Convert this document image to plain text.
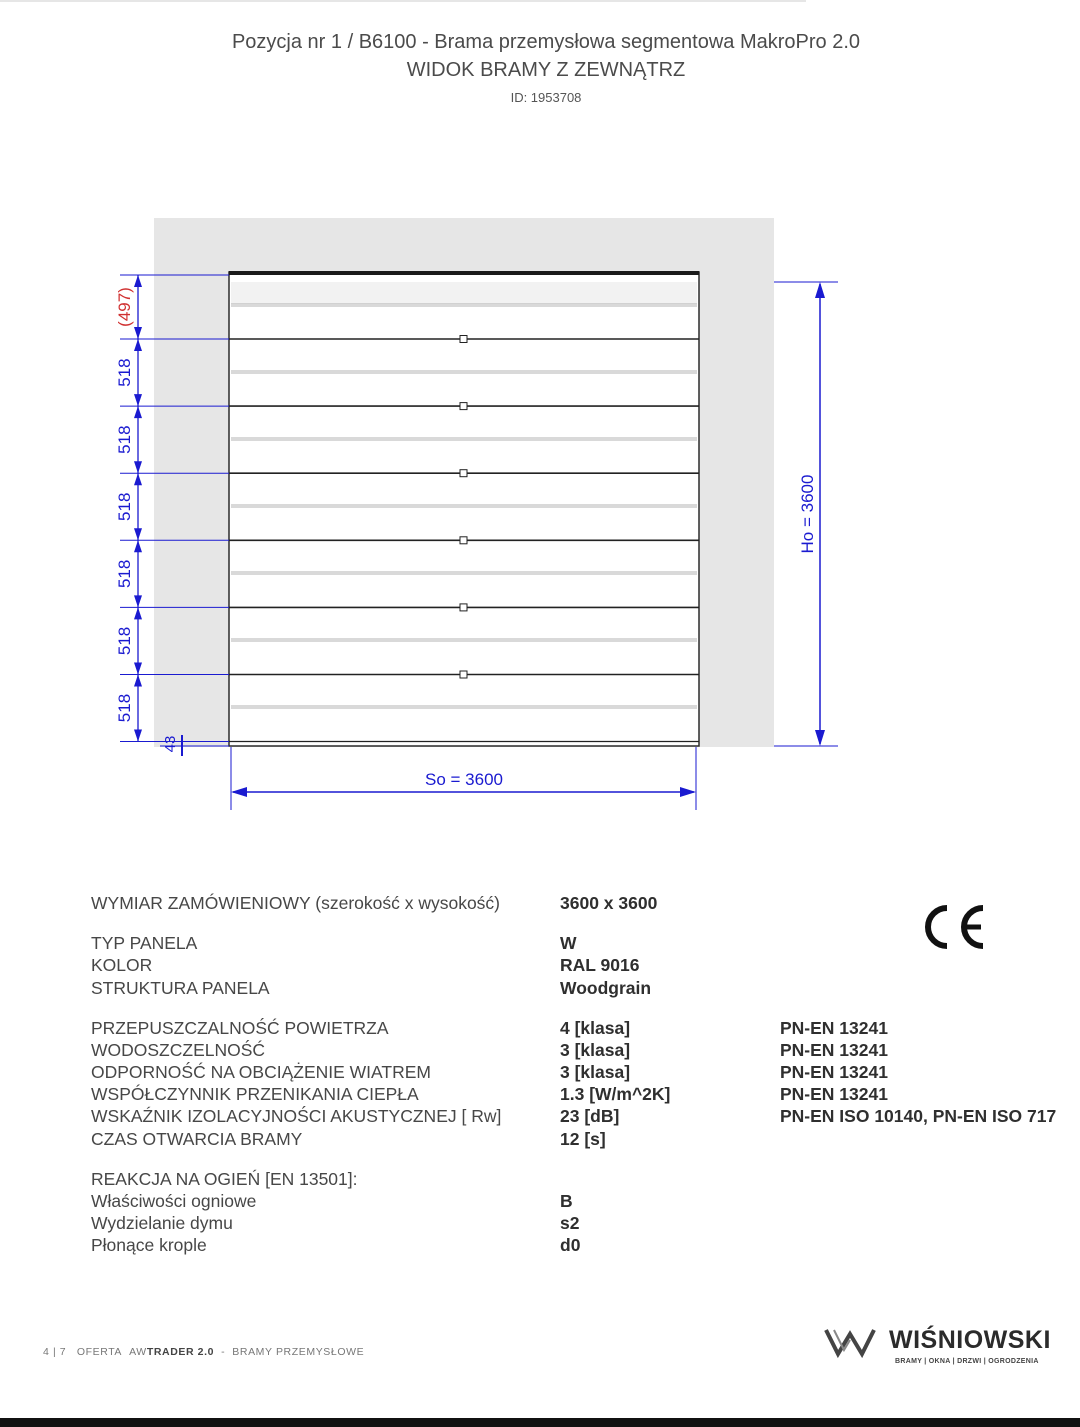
Pozycja nr 1 / B6100 - Brama przemysłowa segmentowa MakroPro 2.0
WIDOK BRAMY Z ZEWNĄTRZ
ID: 1953708
(497)
518
518
518
518
518
518
43
Ho = 3600
So = 3600
WYMIAR ZAMÓWIENIOWY (szerokość x wysokość)	3600 x 3600
TYP PANELA	W
KOLOR	RAL 9016
STRUKTURA PANELA	Woodgrain
PRZEPUSZCZALNOŚĆ POWIETRZA	4 [klasa]	PN-EN 13241
WODOSZCZELNOŚĆ	3 [klasa]	PN-EN 13241
ODPORNOŚĆ NA OBCIĄŻENIE WIATREM	3 [klasa]	PN-EN 13241
WSPÓŁCZYNNIK PRZENIKANIA CIEPŁA	1.3 [W/m^2K]	PN-EN 13241
WSKAŹNIK IZOLACYJNOŚCI AKUSTYCZNEJ [ Rw]	23 [dB]	PN-EN ISO 10140, PN-EN ISO 717
CZAS OTWARCIA BRAMY	12 [s]
REAKCJA NA OGIEŃ [EN 13501]:
Właściwości ogniowe	B
Wydzielanie dymu	s2
Płonące krople	d0
4 | 7 OFERTA AWTRADER 2.0 - BRAMY PRZEMYSŁOWE	WIŚNIOWSKI
BRAMY | OKNA | DRZWI | OGRODZENIA
